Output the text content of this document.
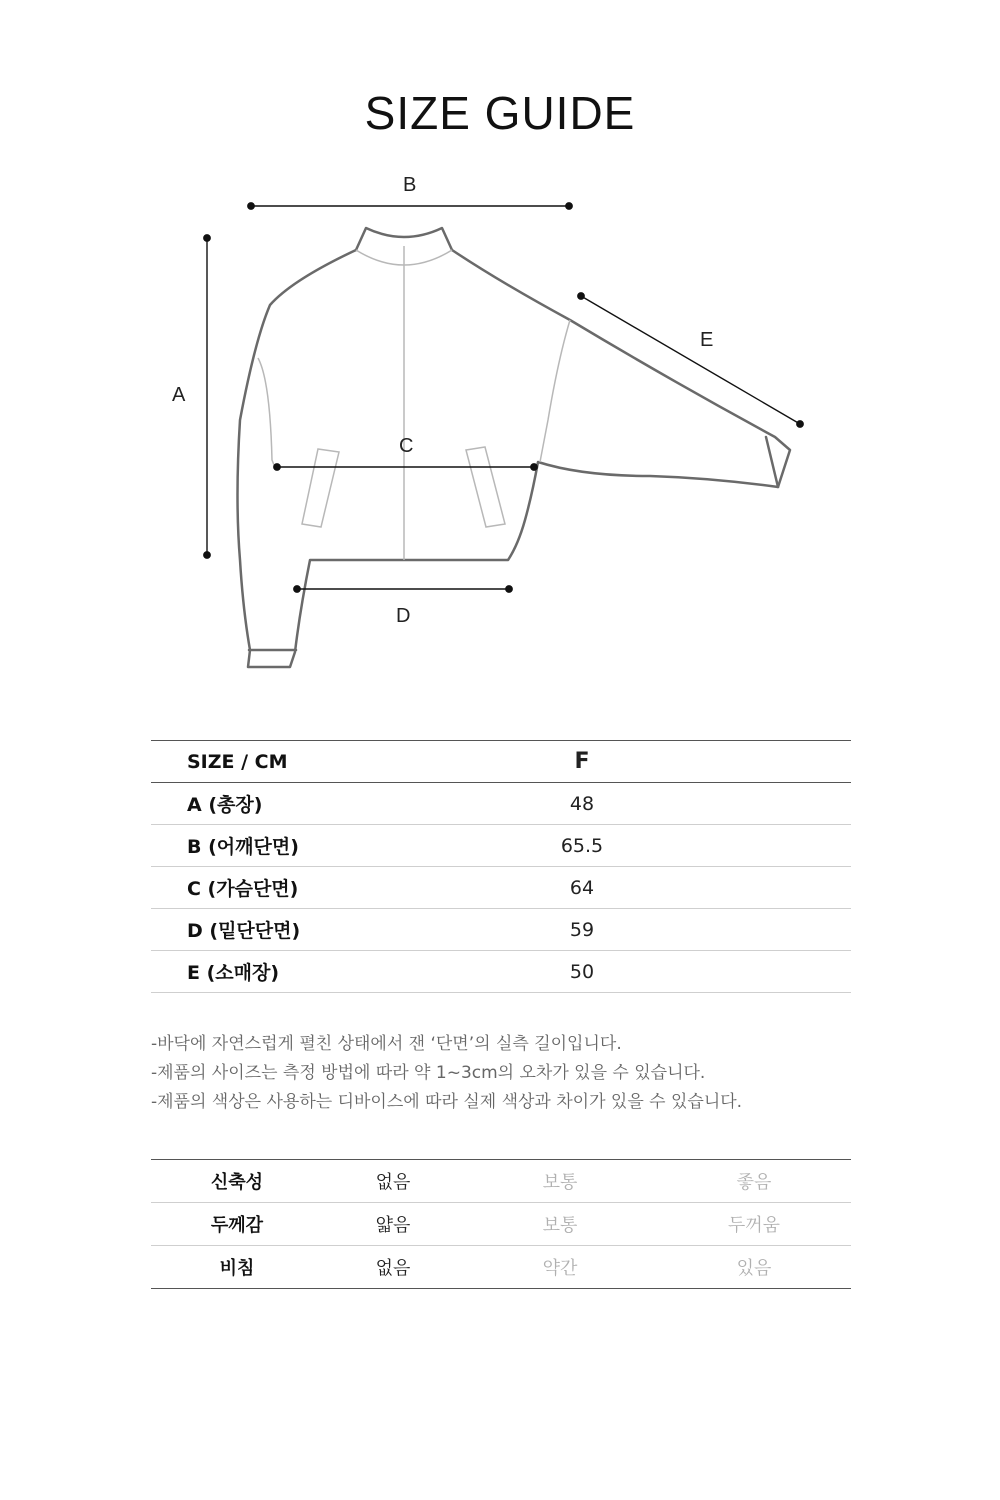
SIZE GUIDE
A
B
C
D
E
SIZE / CM	F
A (총장)	48
B (어깨단면)	65.5
C (가슴단면)	64
D (밑단단면)	59
E (소매장)	50
-바닥에 자연스럽게 펼친 상태에서 잰 ‘단면’의 실측 길이입니다.
-제품의 사이즈는 측정 방법에 따라 약 1~3cm의 오차가 있을 수 있습니다.
-제품의 색상은 사용하는 디바이스에 따라 실제 색상과 차이가 있을 수 있습니다.
신축성	없음	보통	좋음
두께감	얇음	보통	두꺼움
비침	없음	약간	있음
